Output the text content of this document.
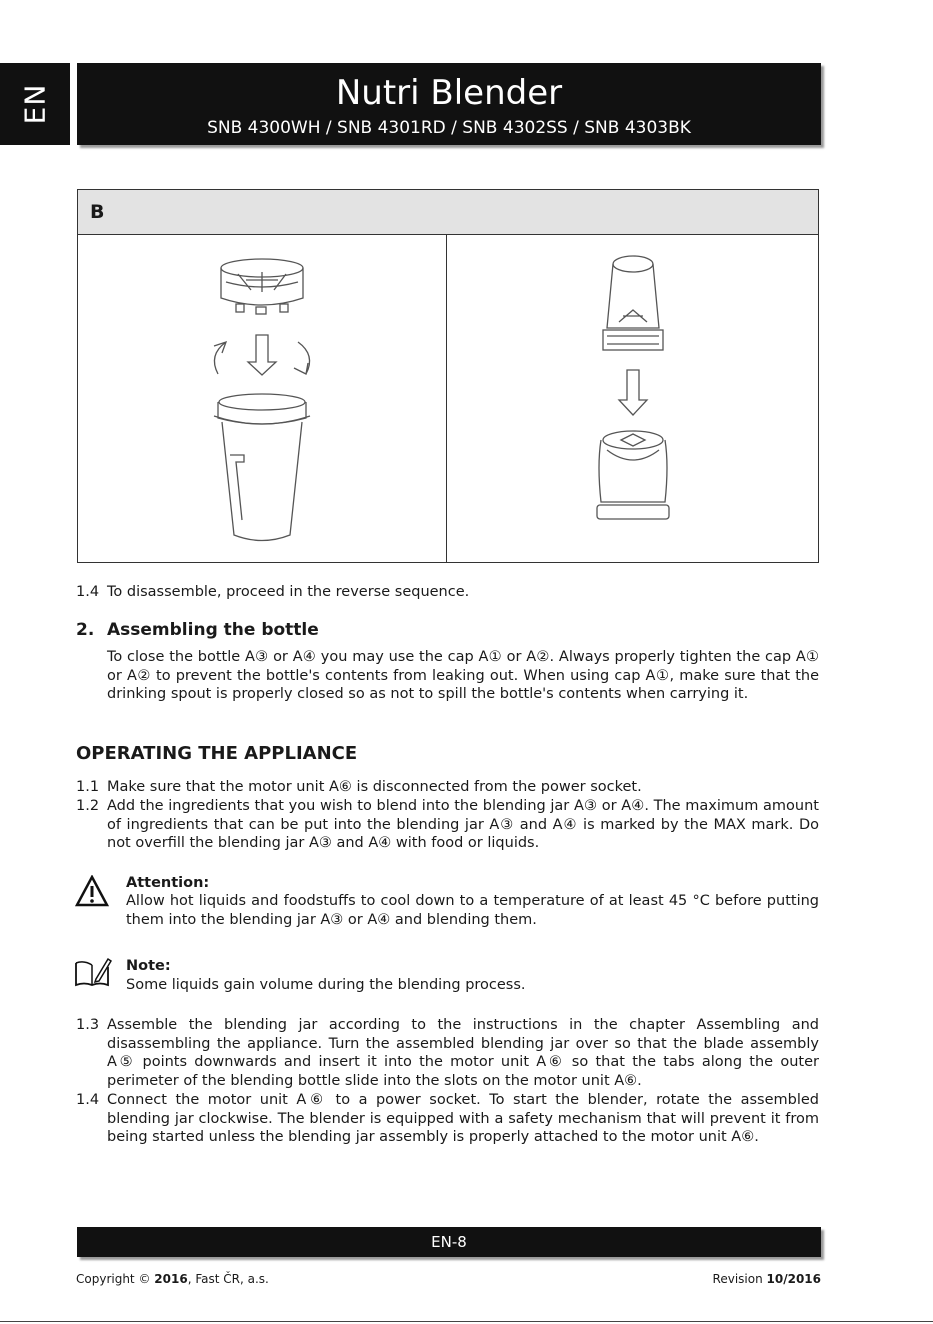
EN	Nutri Blender
SNB 4300WH / SNB 4301RD / SNB 4302SS / SNB 4303BK
B
1.4 To disassemble, proceed in the reverse sequence.
2. Assembling the bottle
To close the bottle A③ or A④ you may use the cap A① or A②. Always properly tighten the cap A① or A② to prevent the bottle's contents from leaking out. When using cap A①, make sure that the drinking spout is properly closed so as not to spill the bottle's contents when carrying it.
OPERATING THE APPLIANCE
1.1 Make sure that the motor unit A⑥ is disconnected from the power socket.
1.2 Add the ingredients that you wish to blend into the blending jar A③ or A④. The maximum amount of ingredients that can be put into the blending jar A③ and A④ is marked by the MAX mark. Do not overfill the blending jar A③ and A④ with food or liquids.
Attention:
Allow hot liquids and foodstuffs to cool down to a temperature of at least 45 °C before putting them into the blending jar A③ or A④ and blending them.
Note:
Some liquids gain volume during the blending process.
1.3 Assemble the blending jar according to the instructions in the chapter Assembling and disassembling the appliance. Turn the assembled blending jar over so that the blade assembly A⑤ points downwards and insert it into the motor unit A⑥ so that the tabs along the outer perimeter of the blending bottle slide into the slots on the motor unit A⑥.
1.4 Connect the motor unit A⑥ to a power socket. To start the blender, rotate the assembled blending jar clockwise. The blender is equipped with a safety mechanism that will prevent it from being started unless the blending jar assembly is properly attached to the motor unit A⑥.
EN-8
Copyright © 2016, Fast ČR, a.s.	Revision 10/2016
